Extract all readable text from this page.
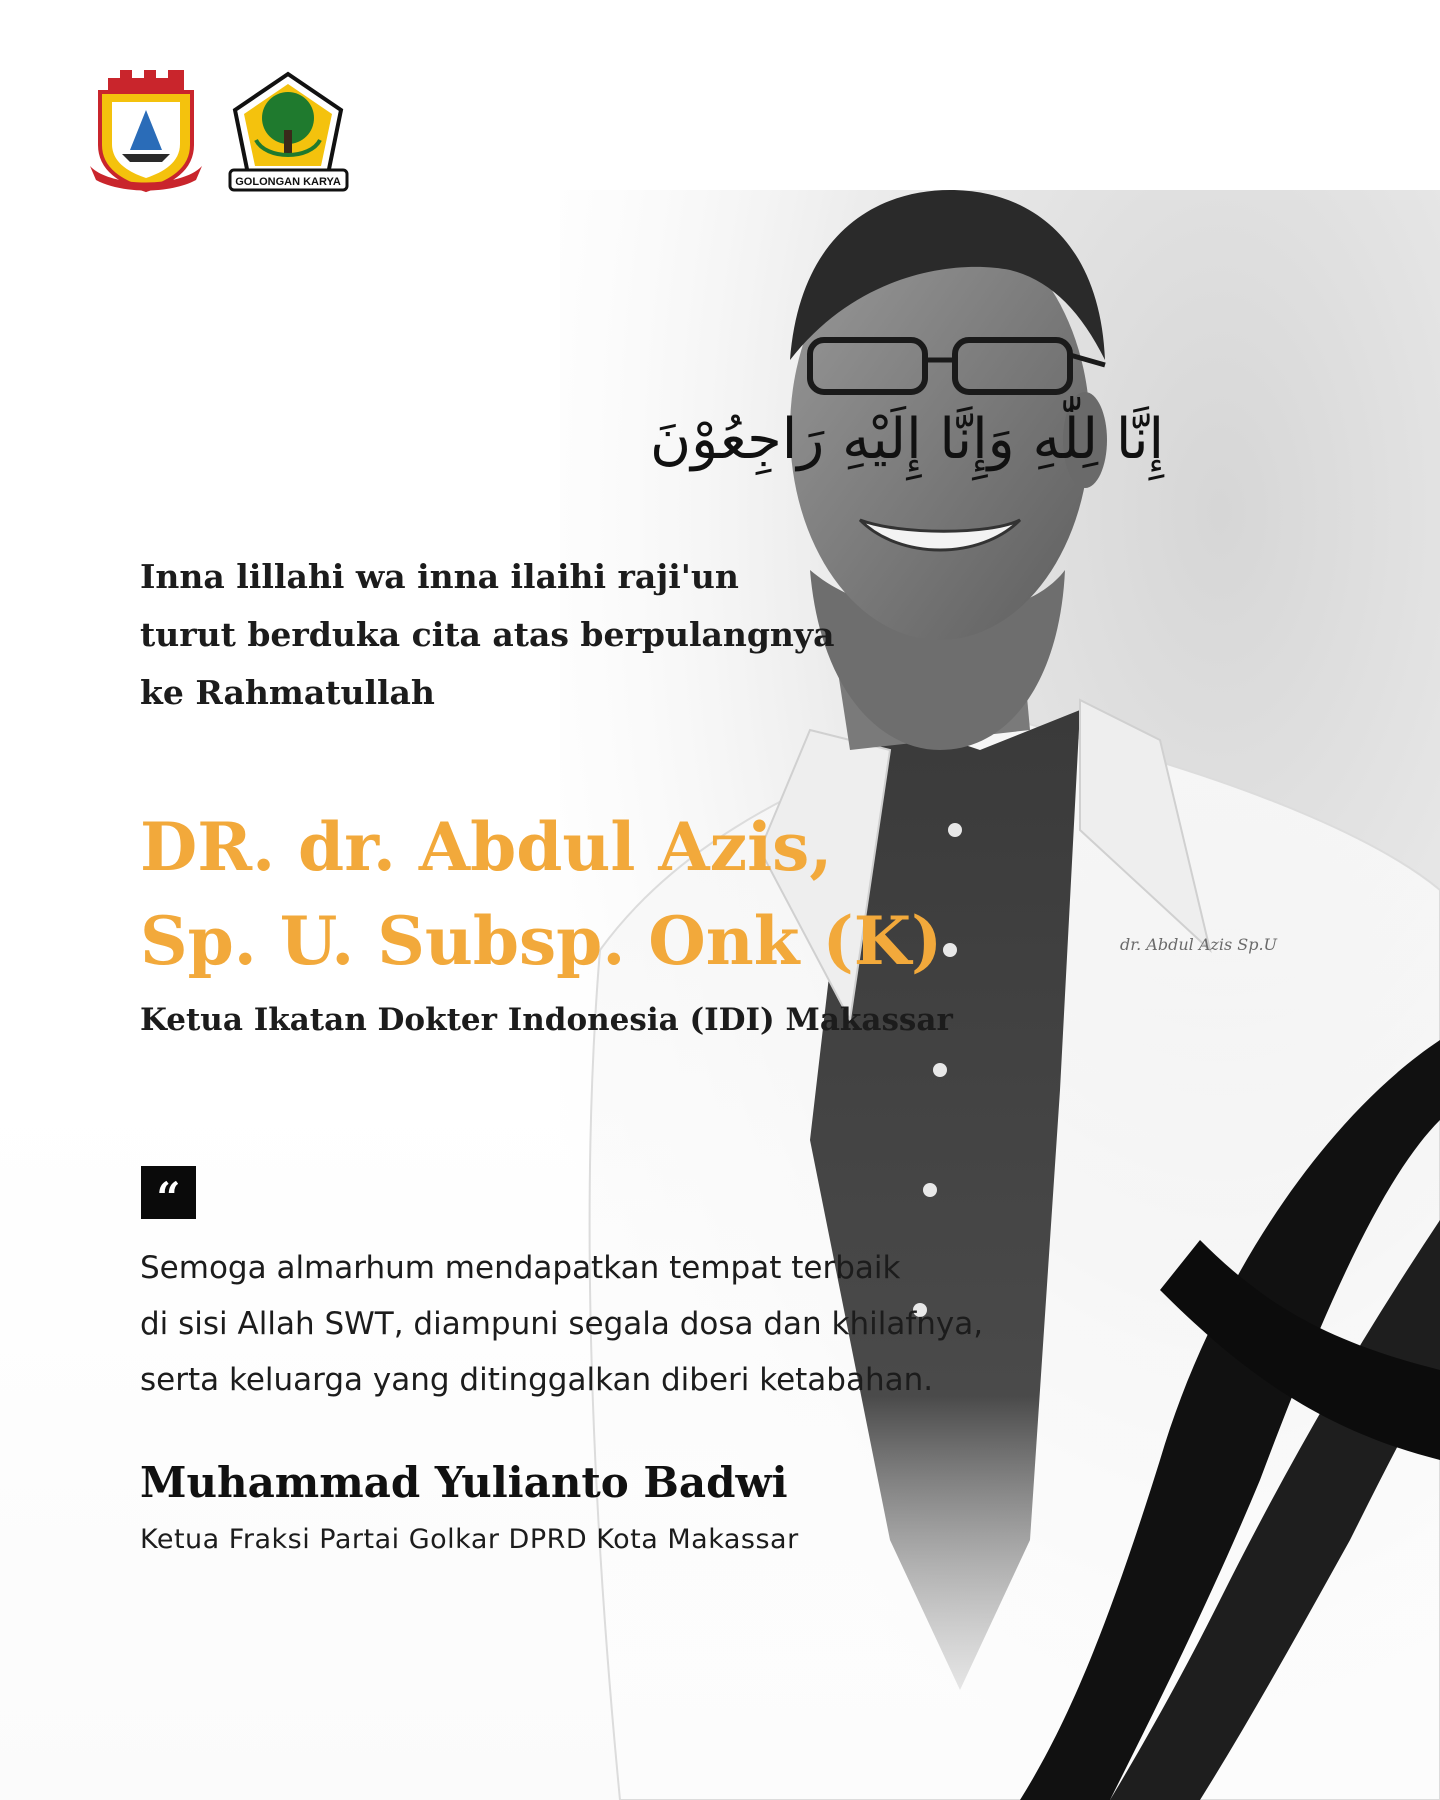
dr. Abdul Azis Sp.U
GOLONGAN KARYA
إِنَّا لِلّٰهِ وَإِنَّا إِلَيْهِ رَاجِعُوْنَ
Inna lillahi wa inna ilaihi raji'un
turut berduka cita atas berpulangnya
ke Rahmatullah
DR. dr. Abdul Azis,
Sp. U. Subsp. Onk (K)
Ketua Ikatan Dokter Indonesia (IDI) Makassar
“
Semoga almarhum mendapatkan tempat terbaik
di sisi Allah SWT, diampuni segala dosa dan khilafnya,
serta keluarga yang ditinggalkan diberi ketabahan.
Muhammad Yulianto Badwi
Ketua Fraksi Partai Golkar DPRD Kota Makassar
